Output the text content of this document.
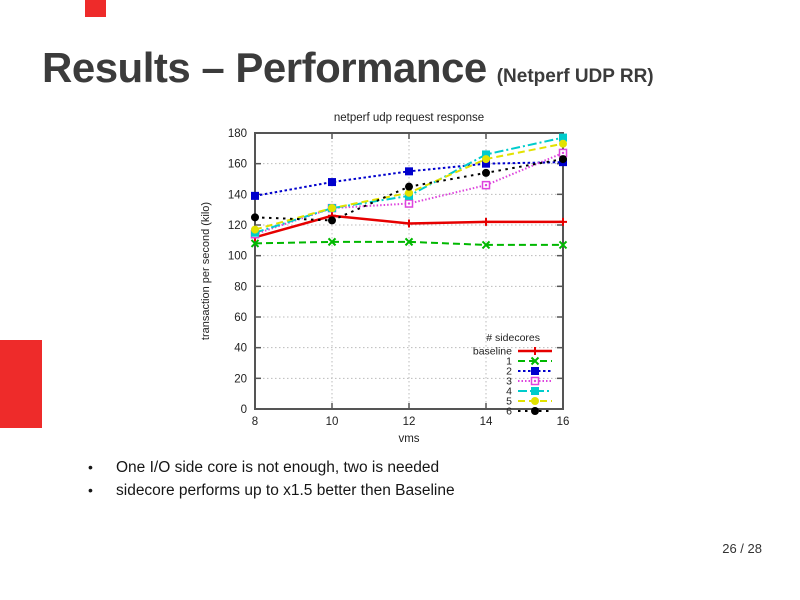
Results – Performance (Netperf UDP RR)
0
20
40
60
80
100
120
140
160
180
8	10	12	14	16
netperf udp request response
vms
transaction per second (kilo)	# sidecores
baseline
1
2
3
4
5
6
•	One I/O side core is not enough, two is needed
•	sidecore performs up to x1.5 better then Baseline
26 / 28
